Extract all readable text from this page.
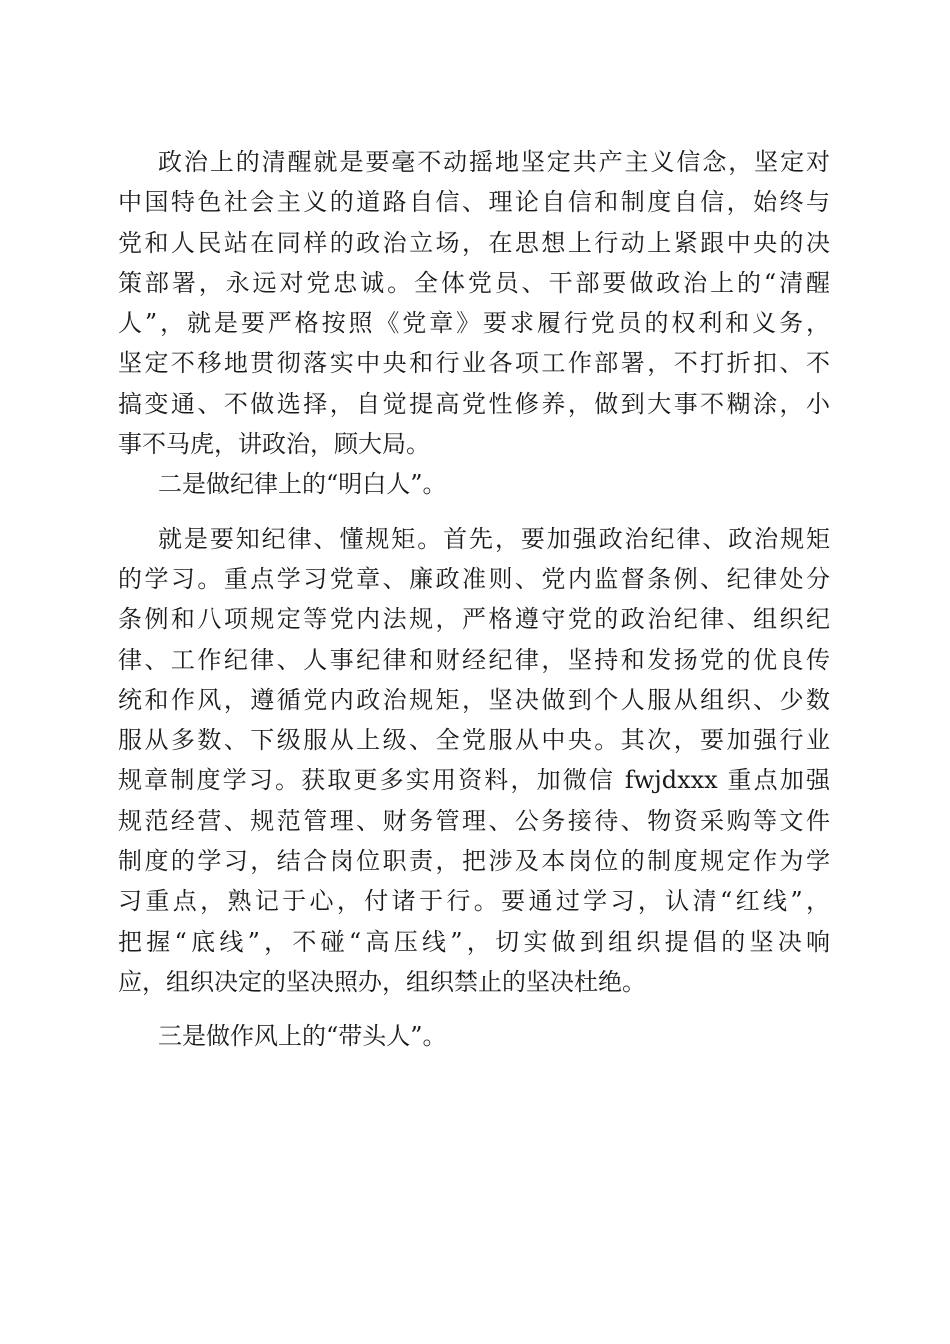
政治上的清醒就是要毫不动摇地坚定共产主义信念，坚定对
中国特色社会主义的道路自信、理论自信和制度自信，始终与
党和人民站在同样的政治立场，在思想上行动上紧跟中央的决
策部署，永远对党忠诚。全体党员、干部要做政治上的“清醒
人”，就是要严格按照《党章》要求履行党员的权利和义务，
坚定不移地贯彻落实中央和行业各项工作部署，不打折扣、不
搞变通、不做选择，自觉提高党性修养，做到大事不糊涂，小
事不马虎，讲政治，顾大局。
二是做纪律上的“明白人”。
就是要知纪律、懂规矩。首先，要加强政治纪律、政治规矩
的学习。重点学习党章、廉政准则、党内监督条例、纪律处分
条例和八项规定等党内法规，严格遵守党的政治纪律、组织纪
律、工作纪律、人事纪律和财经纪律，坚持和发扬党的优良传
统和作风，遵循党内政治规矩，坚决做到个人服从组织、少数
服从多数、下级服从上级、全党服从中央。其次，要加强行业
规章制度学习。获取更多实用资料，加微信 fwjdxxx 重点加强
规范经营、规范管理、财务管理、公务接待、物资采购等文件
制度的学习，结合岗位职责，把涉及本岗位的制度规定作为学
习重点，熟记于心，付诸于行。要通过学习，认清“红线”，
把握“底线”，不碰“高压线”，切实做到组织提倡的坚决响
应，组织决定的坚决照办，组织禁止的坚决杜绝。
三是做作风上的“带头人”。
